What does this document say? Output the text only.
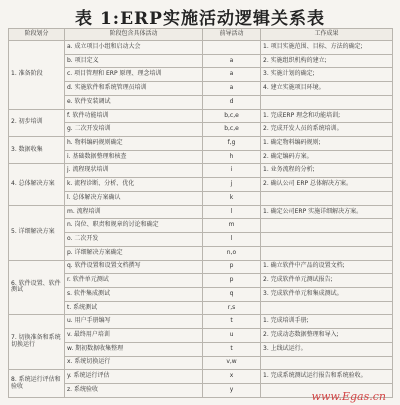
表 1:ERP实施活动逻辑关系表
阶段划分	阶段包含具体活动	前导活动	工作成果
1. 准备阶段	a. 成立项目小组和启动大会		1. 项目实施范围、目标、方法的确定;
	b. 项目定义	a	2. 实施组织机构的建立;
	c. 项目管理和 ERP 原理、理念培训	a	3. 实施计划的确定;
	d. 实施软件和系统管理员培训	a	4. 建立实施项目环境。
	e. 软件安装调试	d	
2. 初步培训	f. 软件功能培训	b,c,e	1. 完成ERP 理念和功能培训;
	g. 二次开发培训	b,c,e	2. 完成开发人员的系统培训。
3. 数据收集	h. 物料编码规则确定	f,g	1. 确定物料编码规则;
	i. 基础数据整理和核查	h	2. 确定编码方案。
4. 总体解决方案	j. 流程现状培训	i	1. 业务流程的分析;
	k. 流程诊断、分析、优化	j	2. 确认公司 ERP 总体解决方案。
	l. 总体解决方案确认	k	
5. 详细解决方案	m. 流程培训	l	1. 确定公司ERP 实施详细解决方案。
	n. 岗位、职责和规章的讨论和确定	m	
	o. 二次开发	l	
	p. 详细解决方案确定	n,o	
6. 软件设置、软件测试	q. 软件设置和设置文档撰写	p	1. 确立软件中产品的设置文档;
	r. 软件单元测试	p	2. 完成软件单元测试报告;
	s. 软件集成测试	q	3. 完成软件单元和集成测试。
	t. 系统测试	r,s	
7. 切换准备和系统切换运行	u. 用户手册编写	t	1. 完成培训手册;
	v. 最终用户培训	u	2. 完成动态数据整理和导入;
	w. 期初数据收集整理	t	3. 上线试运行。
	x. 系统切换运行	v,w	
8. 系统运行评估和验收	y. 系统运行评估	x	1. 完成系统测试运行报告和系统验收。
	z. 系统验收	y	
www.Egas.cn
